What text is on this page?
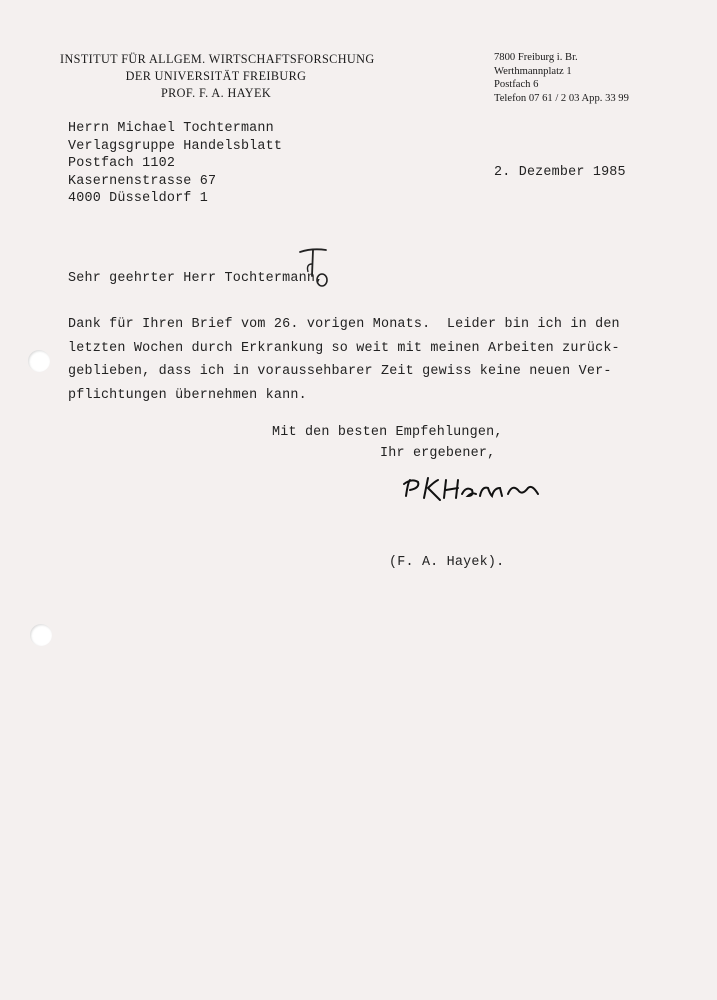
INSTITUT FÜR ALLGEM. WIRTSCHAFTSFORSCHUNG
DER UNIVERSITÄT FREIBURG
PROF. F. A. HAYEK
7800 Freiburg i. Br.
Werthmannplatz 1
Postfach 6
Telefon 07 61 / 2 03 App. 33 99
Herrn Michael Tochtermann
Verlagsgruppe Handelsblatt
Postfach 1102
Kasernenstrasse 67
4000 Düsseldorf 1
2. Dezember 1985
Sehr geehrter Herr Tochtermann,
Dank für Ihren Brief vom 26. vorigen Monats.  Leider bin ich in den
letzten Wochen durch Erkrankung so weit mit meinen Arbeiten zurück-
geblieben, dass ich in voraussehbarer Zeit gewiss keine neuen Ver-
pflichtungen übernehmen kann.
Mit den besten Empfehlungen,
Ihr ergebener,
(F. A. Hayek).
